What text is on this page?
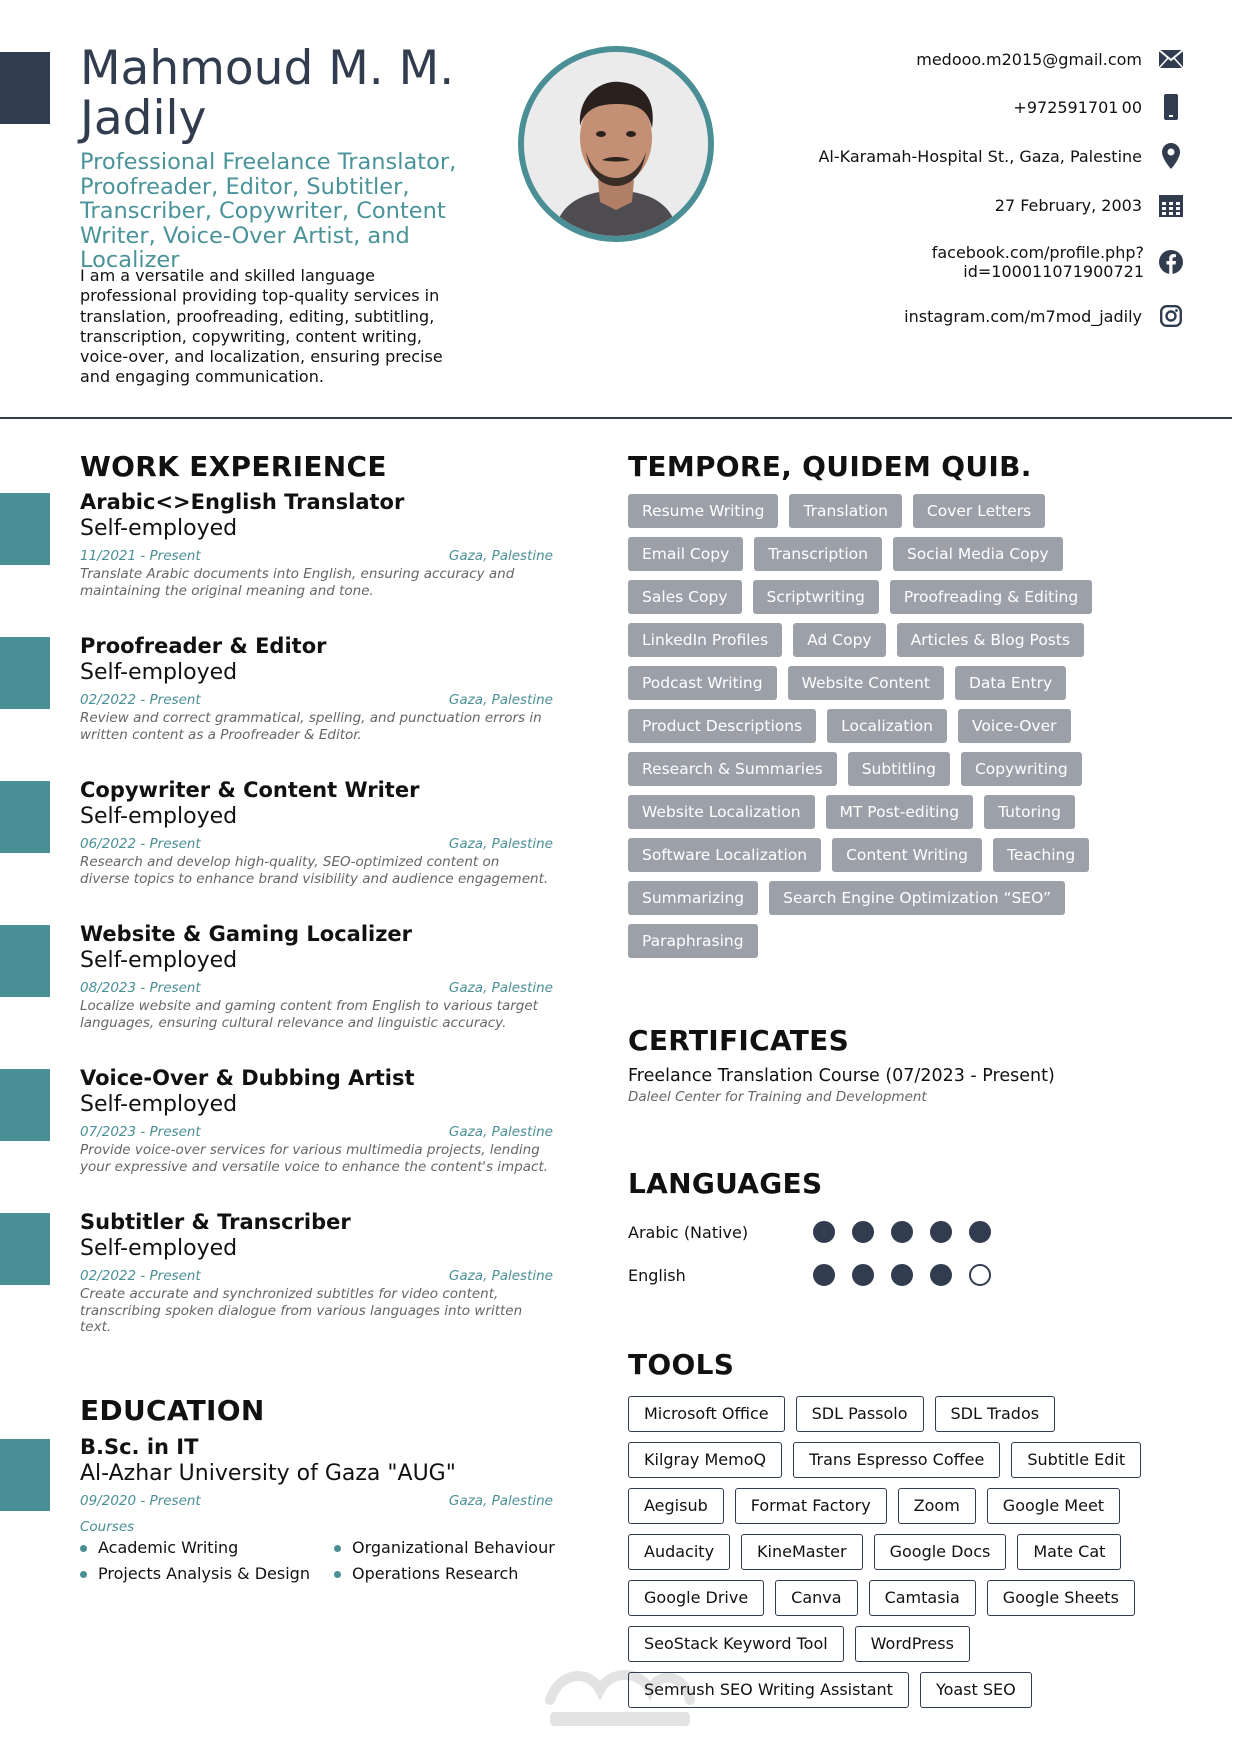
Mahmoud M. M.
Jadily
Professional Freelance Translator, Proofreader, Editor, Subtitler, Transcriber, Copywriter, Content Writer, Voice-Over Artist, and Localizer
I am a versatile and skilled language professional providing top-quality services in translation, proofreading, editing, subtitling, transcription, copywriting, content writing, voice-over, and localization, ensuring precise and engaging communication.
medooo.m2015@gmail.com
+972591701 00
Al-Karamah-Hospital St., Gaza, Palestine
27 February, 2003
facebook.com/profile.php?
id=100011071900721
instagram.com/m7mod_jadily
WORK EXPERIENCE
Arabic<>English Translator
Self-employed
11/2021 - Present	Gaza, Palestine
Translate Arabic documents into English, ensuring accuracy and maintaining the original meaning and tone.
Proofreader & Editor
Self-employed
02/2022 - Present	Gaza, Palestine
Review and correct grammatical, spelling, and punctuation errors in written content as a Proofreader & Editor.
Copywriter & Content Writer
Self-employed
06/2022 - Present	Gaza, Palestine
Research and develop high-quality, SEO-optimized content on diverse topics to enhance brand visibility and audience engagement.
Website & Gaming Localizer
Self-employed
08/2023 - Present	Gaza, Palestine
Localize website and gaming content from English to various target languages, ensuring cultural relevance and linguistic accuracy.
Voice-Over & Dubbing Artist
Self-employed
07/2023 - Present	Gaza, Palestine
Provide voice-over services for various multimedia projects, lending your expressive and versatile voice to enhance the content's impact.
Subtitler & Transcriber
Self-employed
02/2022 - Present	Gaza, Palestine
Create accurate and synchronized subtitles for video content, transcribing spoken dialogue from various languages into written text.
EDUCATION
B.Sc. in IT
Al-Azhar University of Gaza "AUG"
09/2020 - Present	Gaza, Palestine
Courses
Academic Writing	Organizational Behaviour
Projects Analysis & Design	Operations Research
TEMPORE, QUIDEM QUIB.
Resume Writing	Translation	Cover Letters
Email Copy	Transcription	Social Media Copy
Sales Copy	Scriptwriting	Proofreading & Editing
LinkedIn Profiles	Ad Copy	Articles & Blog Posts
Podcast Writing	Website Content	Data Entry
Product Descriptions	Localization	Voice-Over
Research & Summaries	Subtitling	Copywriting
Website Localization	MT Post-editing	Tutoring
Software Localization	Content Writing	Teaching
Summarizing	Search Engine Optimization “SEO”
Paraphrasing
CERTIFICATES
Freelance Translation Course (07/2023 - Present)
Daleel Center for Training and Development
LANGUAGES
Arabic (Native)
English
TOOLS
Microsoft Office	SDL Passolo	SDL Trados
Kilgray MemoQ	Trans Espresso Coffee	Subtitle Edit
Aegisub	Format Factory	Zoom	Google Meet
Audacity	KineMaster	Google Docs	Mate Cat
Google Drive	Canva	Camtasia	Google Sheets
SeoStack Keyword Tool	WordPress
Semrush SEO Writing Assistant	Yoast SEO
